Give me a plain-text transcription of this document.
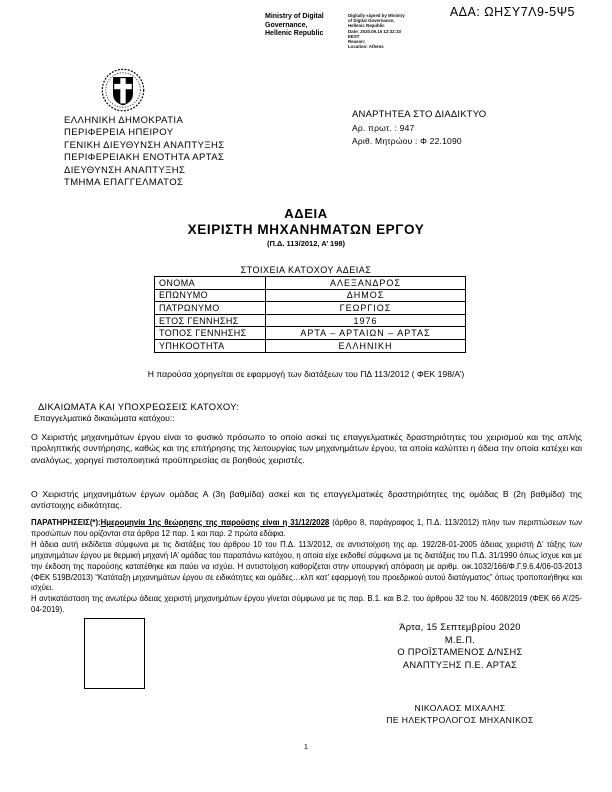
ΑΔΑ: ΩΗΣΥ7Λ9-5Ψ5
Ministry of Digital
Governance,
Hellenic Republic
Digitally signed by Ministry
of Digital Governance,
Hellenic Republic
Date: 2020.09.15 12:32:33
EEST
Reason:
Location: Athens
ΕΛΛΗΝΙΚΗ ΔΗΜΟΚΡΑΤΙΑ
ΠΕΡΙΦΕΡΕΙΑ ΗΠΕΙΡΟΥ
ΓΕΝΙΚΗ ΔΙΕΥΘΥΝΣΗ ΑΝΑΠΤΥΞΗΣ
ΠΕΡΙΦΕΡΕΙΑΚΗ ΕΝΟΤΗΤΑ ΑΡΤΑΣ
ΔΙΕΥΘΥΝΣΗ ΑΝΑΠΤΥΞΗΣ
ΤΜΗΜΑ ΕΠΑΓΓΕΛΜΑΤΟΣ
ΑΝΑΡΤΗΤΕΑ ΣΤΟ ΔΙΑΔΙΚΤΥΟ
Αρ. πρωτ. : 947
Αριθ. Μητρώου : Φ 22.1090
ΑΔΕΙΑ
ΧΕΙΡΙΣΤΗ ΜΗΧΑΝΗΜΑΤΩΝ ΕΡΓΟΥ
(Π.Δ. 113/2012, Α’ 198)
ΣΤΟΙΧΕΙΑ ΚΑΤΟΧΟΥ ΑΔΕΙΑΣ
ΟΝΟΜΑ	ΑΛΕΞΑΝΔΡΟΣ
ΕΠΩΝΥΜΟ	ΔΗΜΟΣ
ΠΑΤΡΩΝΥΜΟ	ΓΕΩΡΓΙΟΣ
ΕΤΟΣ ΓΕΝΝΗΣΗΣ	1976
ΤΟΠΟΣ ΓΕΝΝΗΣΗΣ	ΑΡΤΑ – ΑΡΤΑΙΩΝ – ΑΡΤΑΣ
ΥΠΗΚΟΟΤΗΤΑ	ΕΛΛΗΝΙΚΗ
Η παρούσα χορηγείται σε εφαρμογή των διατάξεων του ΠΔ 113/2012 ( ΦΕΚ 198/Α’)
ΔΙΚΑΙΩΜΑΤΑ ΚΑΙ ΥΠΟΧΡΕΩΣΕΙΣ ΚΑΤΟΧΟΥ:
Επαγγελματικά δικαιώματα κατόχου::
Ο Χειριστής μηχανημάτων έργου είναι το φυσικό πρόσωπο το οποίο ασκεί τις επαγγελματικές δραστηριότητες του χειρισμού και της απλής προληπτικής συντήρησης, καθώς και της επιτήρησης της λειτουργίας των μηχανημάτων έργου, τα οποία καλύπτει η άδεια την οποία κατέχει και αναλόγως, χορηγεί πιστοποιητικά προϋπηρεσίας σε βοηθούς χειριστές.
Ο Χειριστής μηχανημάτων έργων ομάδας Α (3η βαθμίδα) ασκεί και τις επαγγελματικές δραστηριότητες της ομάδας Β (2η βαθμίδα) της αντίστοιχης ειδικότητας.
ΠΑΡΑΤΗΡΗΣΕΙΣ(*):Ημερομηνία 1ης θεώρησης της παρούσης είναι η 31/12/2028 (άρθρο 8, παράγραφος 1, Π.Δ. 113/2012) πλην των περιπτώσεων των προσώπων που ορίζονται στα άρθρα 12 παρ. 1 και παρ. 2 πρώτα εδάφια.
Η άδεια αυτή εκδίδεται σύμφωνα με τις διατάξεις του άρθρου 10 του Π.Δ. 113/2012, σε αντιστοίχιση της αρ. 192/28-01-2005 άδειας χειριστή Δ’ τάξης των μηχανημάτων έργου με θερμική μηχανή ΙΑ’ ομάδας του παραπάνω κατόχου, η οποία είχε εκδοθεί σύμφωνα με τις διατάξεις του Π.Δ. 31/1990 όπως ίσχυε και με την έκδοση της παρούσης κατατέθηκε και παύει να ισχύει. Η αντιστοίχιση καθορίζεται στην υπουργική απόφαση με αριθμ. οικ.1032/166/Φ.Γ.9.6.4/06-03-2013 (ΦΕΚ 519Β/2013) “Κατάταξη μηχανημάτων έργου σε ειδικότητες και ομάδες…κλπ κατ’ εφαρμογή του προεδρικού αυτού διατάγματος” όπως τροποποιήθηκε και ισχύει.
Η αντικατάσταση της ανωτέρω άδειας χειριστή μηχανημάτων έργου γίνεται σύμφωνα με τις παρ. Β.1. και Β.2. του άρθρου 32 του Ν. 4608/2019 (ΦΕΚ 66 Α’/25-04-2019).
Άρτα, 15 Σεπτεμβρίου 2020
Μ.Ε.Π.
Ο ΠΡΟΪΣΤΑΜΕΝΟΣ Δ/ΝΣΗΣ
ΑΝΑΠΤΥΞΗΣ Π.Ε. ΑΡΤΑΣ
ΝΙΚΟΛΑΟΣ ΜΙΧΑΛΗΣ
ΠΕ ΗΛΕΚΤΡΟΛΟΓΟΣ ΜΗΧΑΝΙΚΟΣ
1
